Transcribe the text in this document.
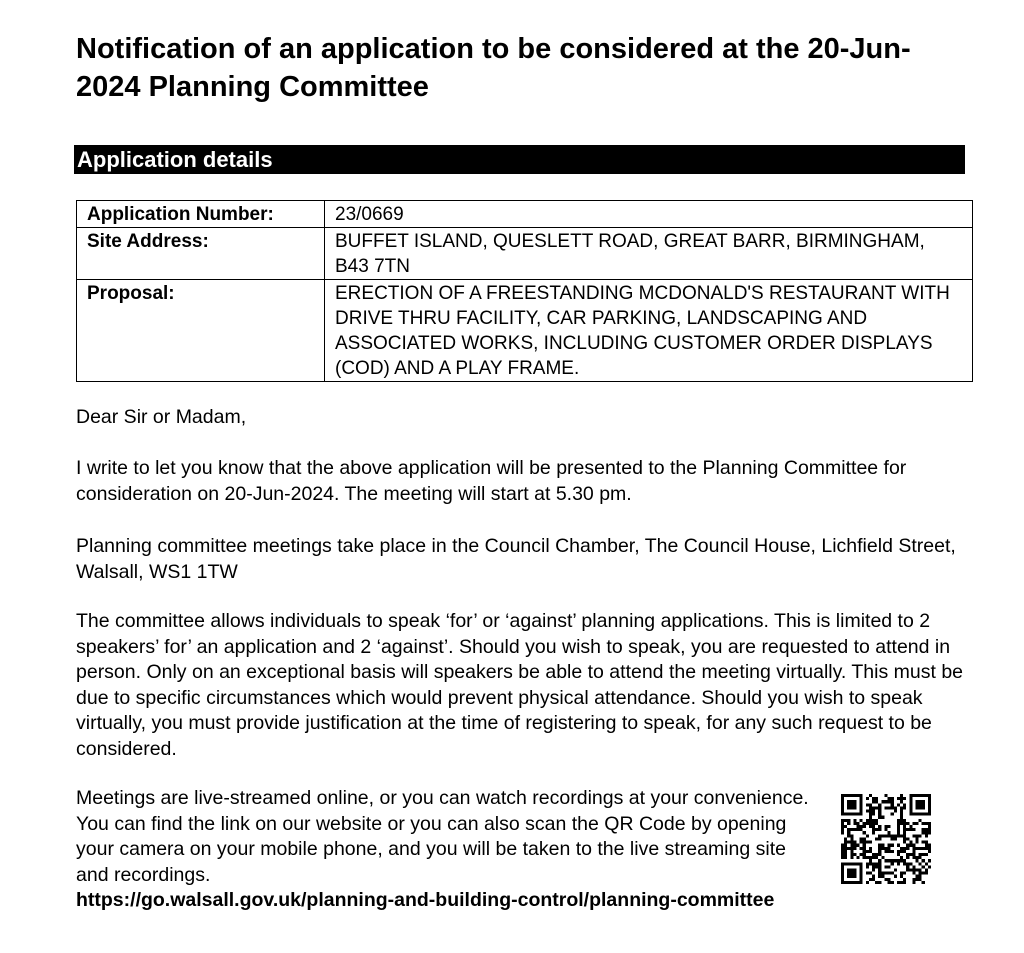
Notification of an application to be considered at the 20-Jun-2024 Planning Committee
Application details
Application Number:	23/0669
Site Address:	BUFFET ISLAND, QUESLETT ROAD, GREAT BARR, BIRMINGHAM, B43 7TN
Proposal:	ERECTION OF A FREESTANDING MCDONALD'S RESTAURANT WITH DRIVE THRU FACILITY, CAR PARKING, LANDSCAPING AND ASSOCIATED WORKS, INCLUDING CUSTOMER ORDER DISPLAYS (COD) AND A PLAY FRAME.

Dear Sir or Madam,

I write to let you know that the above application will be presented to the Planning Committee for consideration on 20-Jun-2024. The meeting will start at 5.30 pm.

Planning committee meetings take place in the Council Chamber, The Council House, Lichfield Street, Walsall, WS1 1TW

The committee allows individuals to speak ‘for’ or ‘against’ planning applications. This is limited to 2 speakers’ for’ an application and 2 ‘against’. Should you wish to speak, you are requested to attend in person. Only on an exceptional basis will speakers be able to attend the meeting virtually. This must be due to specific circumstances which would prevent physical attendance. Should you wish to speak virtually, you must provide justification at the time of registering to speak, for any such request to be considered.

Meetings are live-streamed online, or you can watch recordings at your convenience. You can find the link on our website or you can also scan the QR Code by opening your camera on your mobile phone, and you will be taken to the live streaming site and recordings.

https://go.walsall.gov.uk/planning-and-building-control/planning-committee
